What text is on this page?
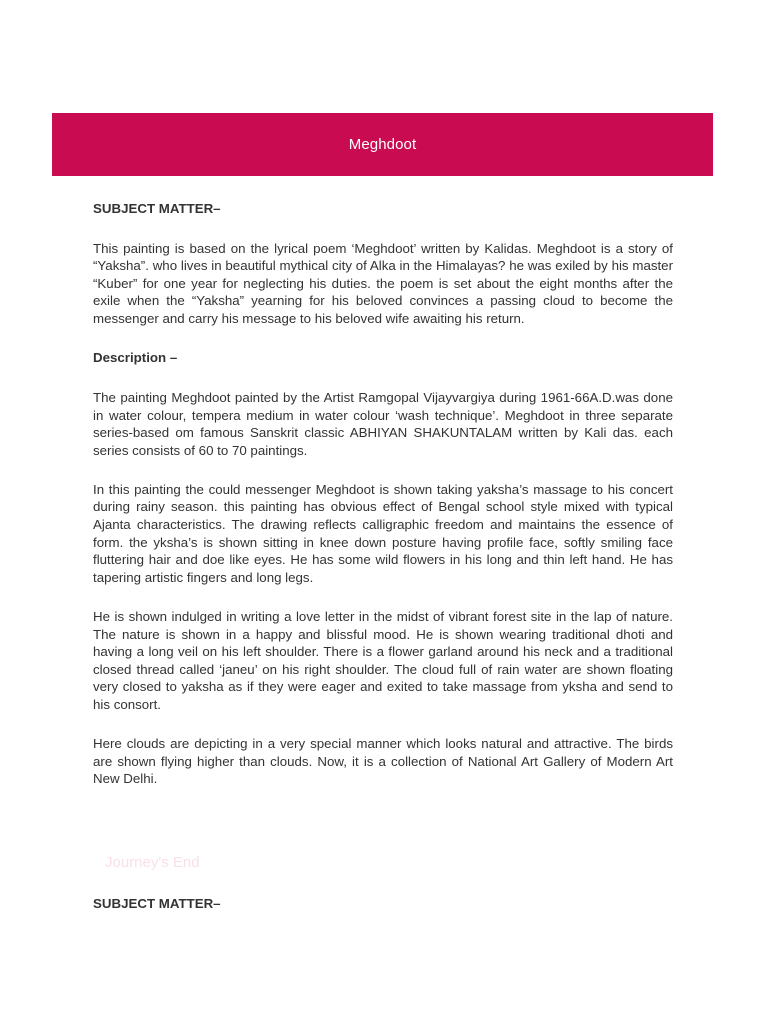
Meghdoot

SUBJECT MATTER–

This painting is based on the lyrical poem ‘Meghdoot’ written by Kalidas. Meghdoot is a story of “Yaksha”. who lives in beautiful mythical city of Alka in the Himalayas? he was exiled by his master “Kuber” for one year for neglecting his duties. the poem is set about the eight months after the exile when the “Yaksha” yearning for his beloved convinces a passing cloud to become the messenger and carry his message to his beloved wife awaiting his return.

Description –

The painting Meghdoot painted by the Artist Ramgopal Vijayvargiya during 1961-66A.D.was done in water colour, tempera medium in water colour ‘wash technique’. Meghdoot in three separate series-based om famous Sanskrit classic ABHIYAN SHAKUNTALAM written by Kali das. each series consists of 60 to 70 paintings.

In this painting the could messenger Meghdoot is shown taking yaksha’s massage to his concert during rainy season. this painting has obvious effect of Bengal school style mixed with typical Ajanta characteristics. The drawing reflects calligraphic freedom and maintains the essence of form. the yksha’s is shown sitting in knee down posture having profile face, softly smiling face fluttering hair and doe like eyes. He has some wild flowers in his long and thin left hand. He has tapering artistic fingers and long legs.

He is shown indulged in writing a love letter in the midst of vibrant forest site in the lap of nature. The nature is shown in a happy and blissful mood. He is shown wearing traditional dhoti and having a long veil on his left shoulder. There is a flower garland around his neck and a traditional closed thread called ‘janeu’ on his right shoulder. The cloud full of rain water are shown floating very closed to yaksha as if they were eager and exited to take massage from yksha and send to his consort.

Here clouds are depicting in a very special manner which looks natural and attractive. The birds are shown flying higher than clouds. Now, it is a collection of National Art Gallery of Modern Art New Delhi.

Journey's End

SUBJECT MATTER–
